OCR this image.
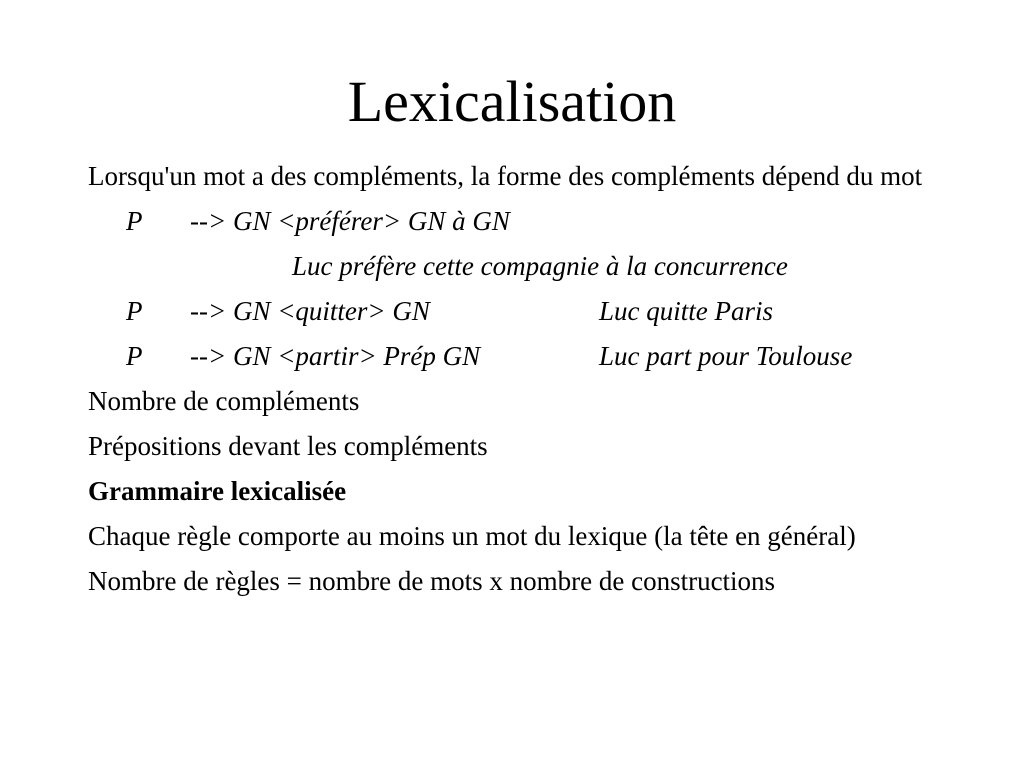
Lexicalisation

Lorsqu'un mot a des compléments, la forme des compléments dépend du mot

P --> GN <préférer> GN à GN
Luc préfère cette compagnie à la concurrence
P --> GN <quitter> GN	Luc quitte Paris
P --> GN <partir> Prép GN	Luc part pour Toulouse

Nombre de compléments

Prépositions devant les compléments

Grammaire lexicalisée

Chaque règle comporte au moins un mot du lexique (la tête en général)

Nombre de règles = nombre de mots x nombre de constructions
